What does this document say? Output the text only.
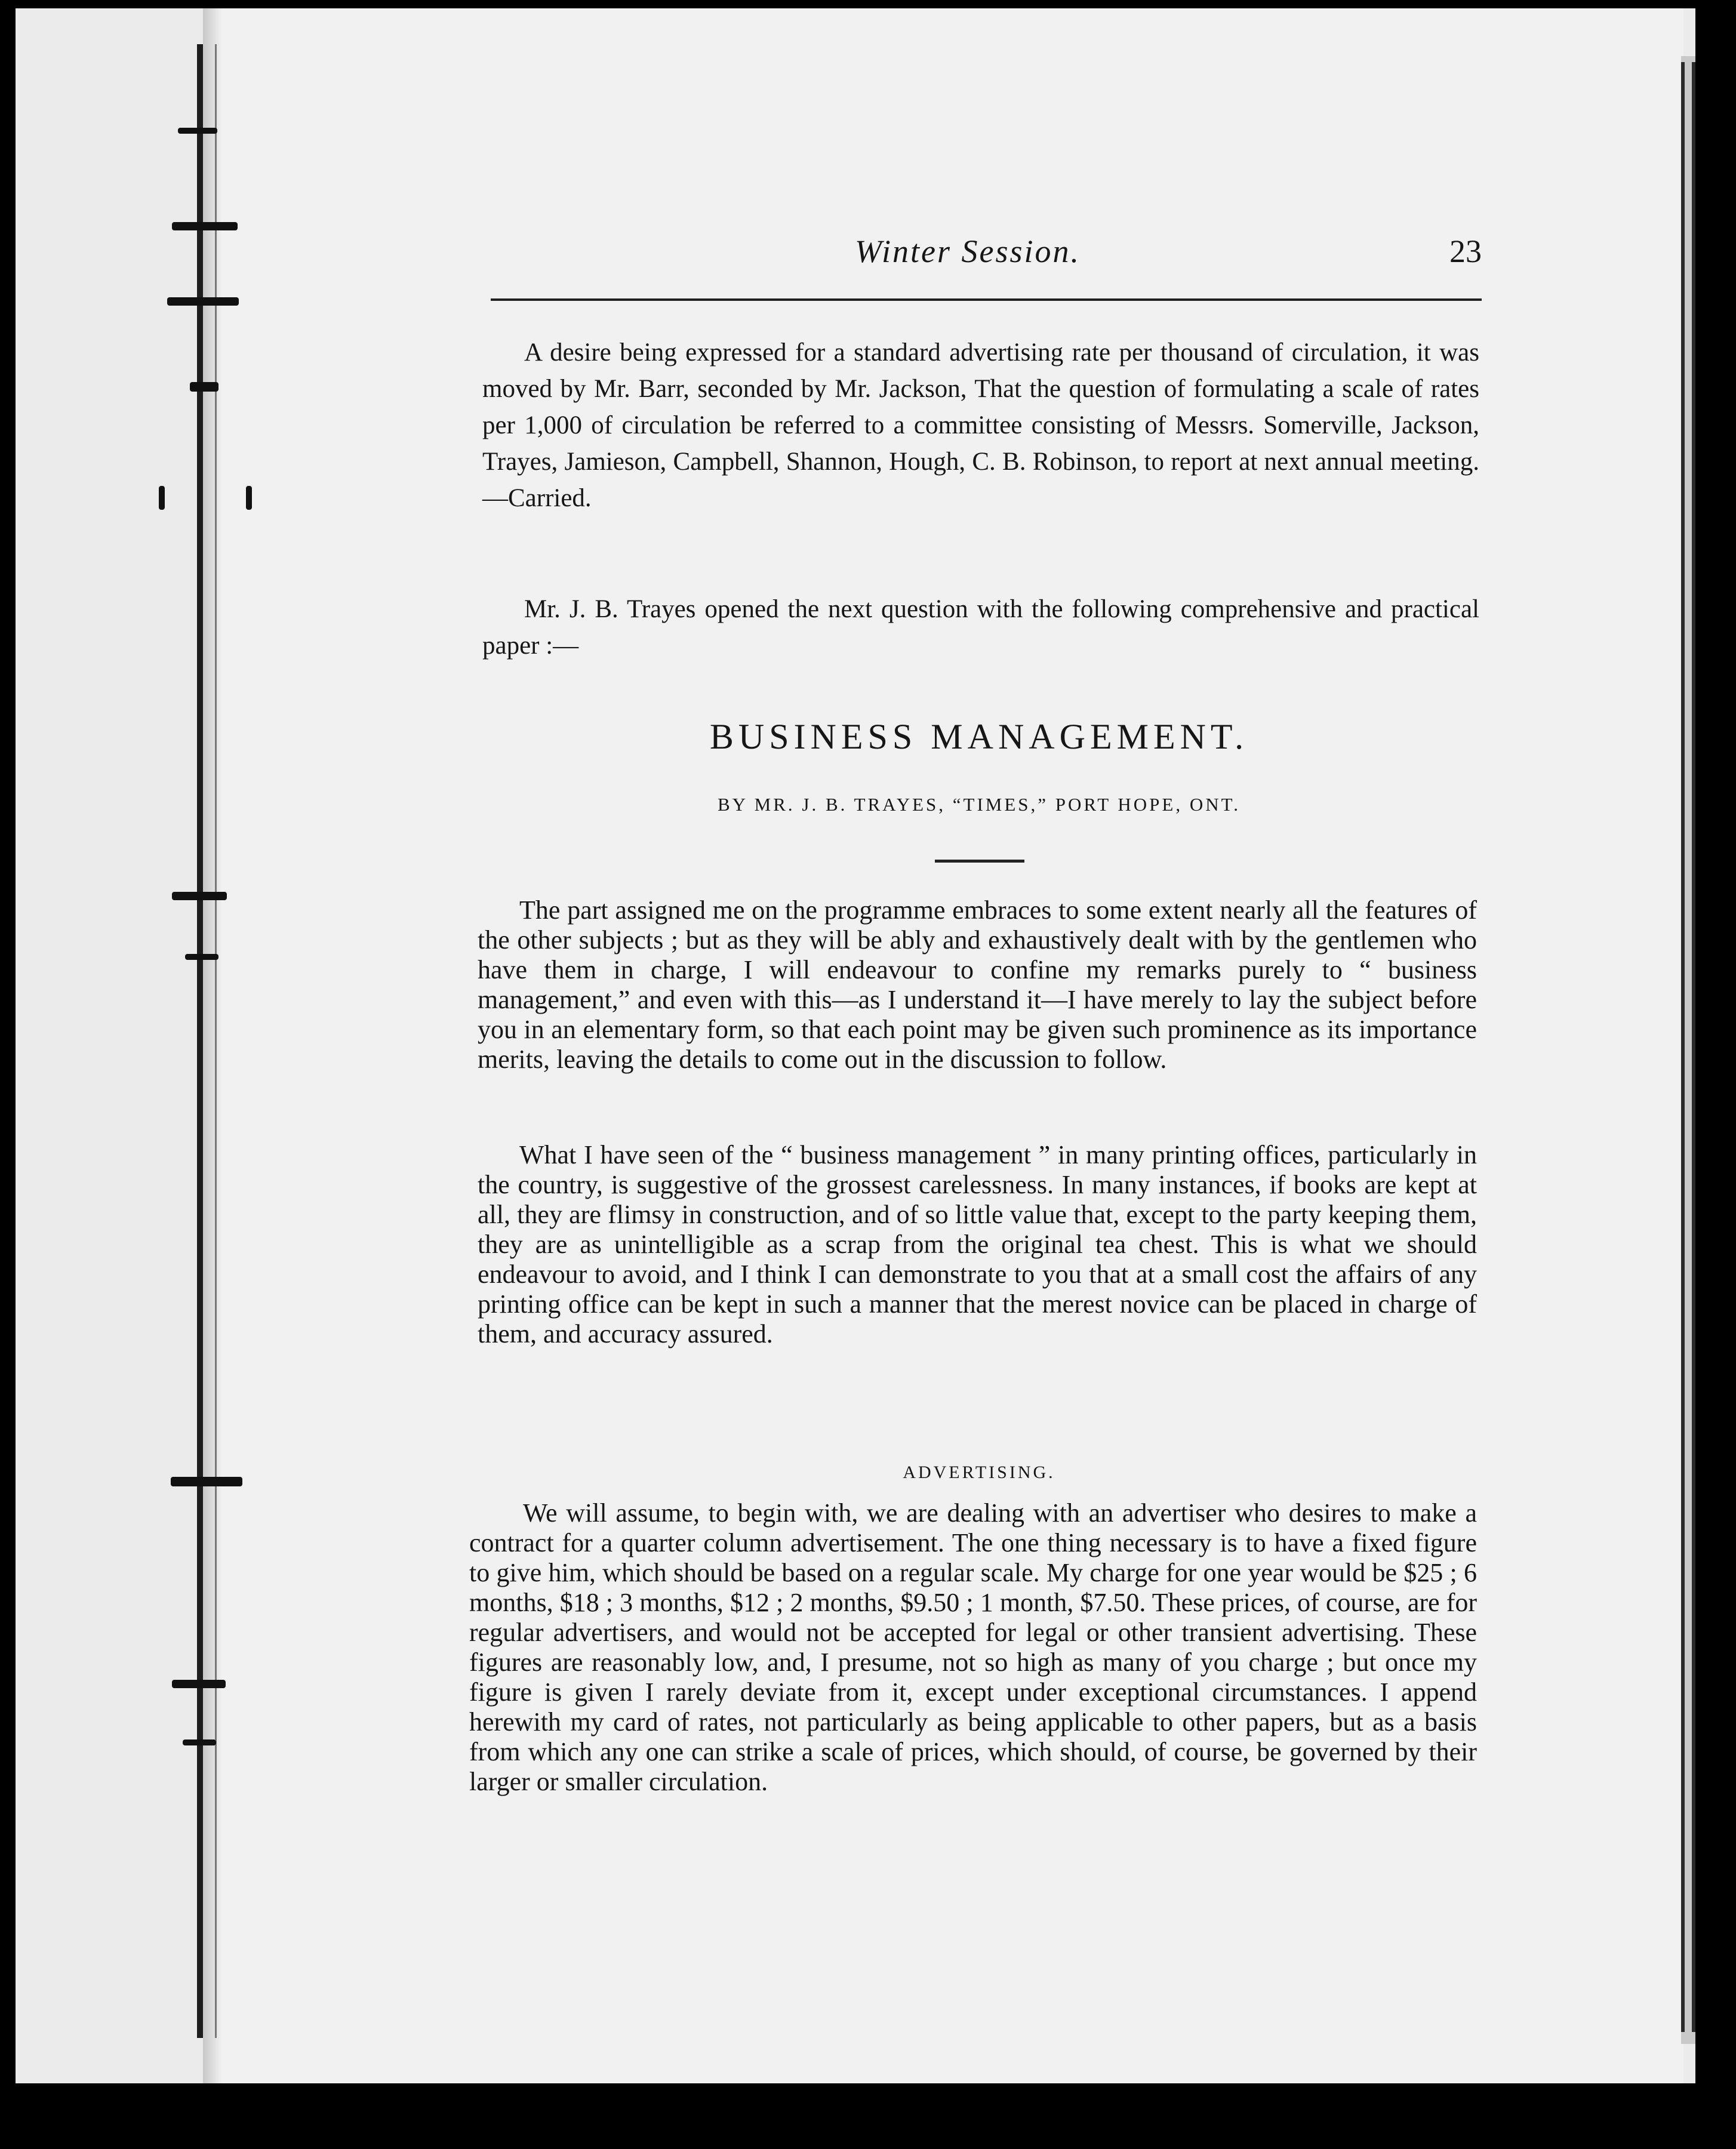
Winter Session.	23

A desire being expressed for a standard advertising rate per thousand of circulation, it was moved by Mr. Barr, seconded by Mr. Jackson, That the question of formulating a scale of rates per 1,000 of circulation be referred to a committee consisting of Messrs. Somerville, Jackson, Trayes, Jamieson, Campbell, Shannon, Hough, C. B. Robinson, to report at next annual meeting.—Carried.

Mr. J. B. Trayes opened the next question with the following comprehensive and practical paper :—

BUSINESS MANAGEMENT.
BY MR. J. B. TRAYES, “TIMES,” PORT HOPE, ONT.

The part assigned me on the programme embraces to some extent nearly all the features of the other subjects ; but as they will be ably and exhaustively dealt with by the gentlemen who have them in charge, I will endeavour to confine my remarks purely to “ business management,” and even with this—as I understand it—I have merely to lay the subject before you in an elementary form, so that each point may be given such prominence as its importance merits, leaving the details to come out in the discussion to follow.

What I have seen of the “ business management ” in many printing offices, particularly in the country, is suggestive of the grossest carelessness. In many instances, if books are kept at all, they are flimsy in construction, and of so little value that, except to the party keeping them, they are as unintelligible as a scrap from the original tea chest. This is what we should endeavour to avoid, and I think I can demonstrate to you that at a small cost the affairs of any printing office can be kept in such a manner that the merest novice can be placed in charge of them, and accuracy assured.

ADVERTISING.

We will assume, to begin with, we are dealing with an advertiser who desires to make a contract for a quarter column advertisement. The one thing necessary is to have a fixed figure to give him, which should be based on a regular scale. My charge for one year would be $25 ; 6 months, $18 ; 3 months, $12 ; 2 months, $9.50 ; 1 month, $7.50. These prices, of course, are for regular advertisers, and would not be accepted for legal or other transient advertising. These figures are reasonably low, and, I presume, not so high as many of you charge ; but once my figure is given I rarely deviate from it, except under exceptional circumstances. I append herewith my card of rates, not particularly as being applicable to other papers, but as a basis from which any one can strike a scale of prices, which should, of course, be governed by their larger or smaller circulation.
